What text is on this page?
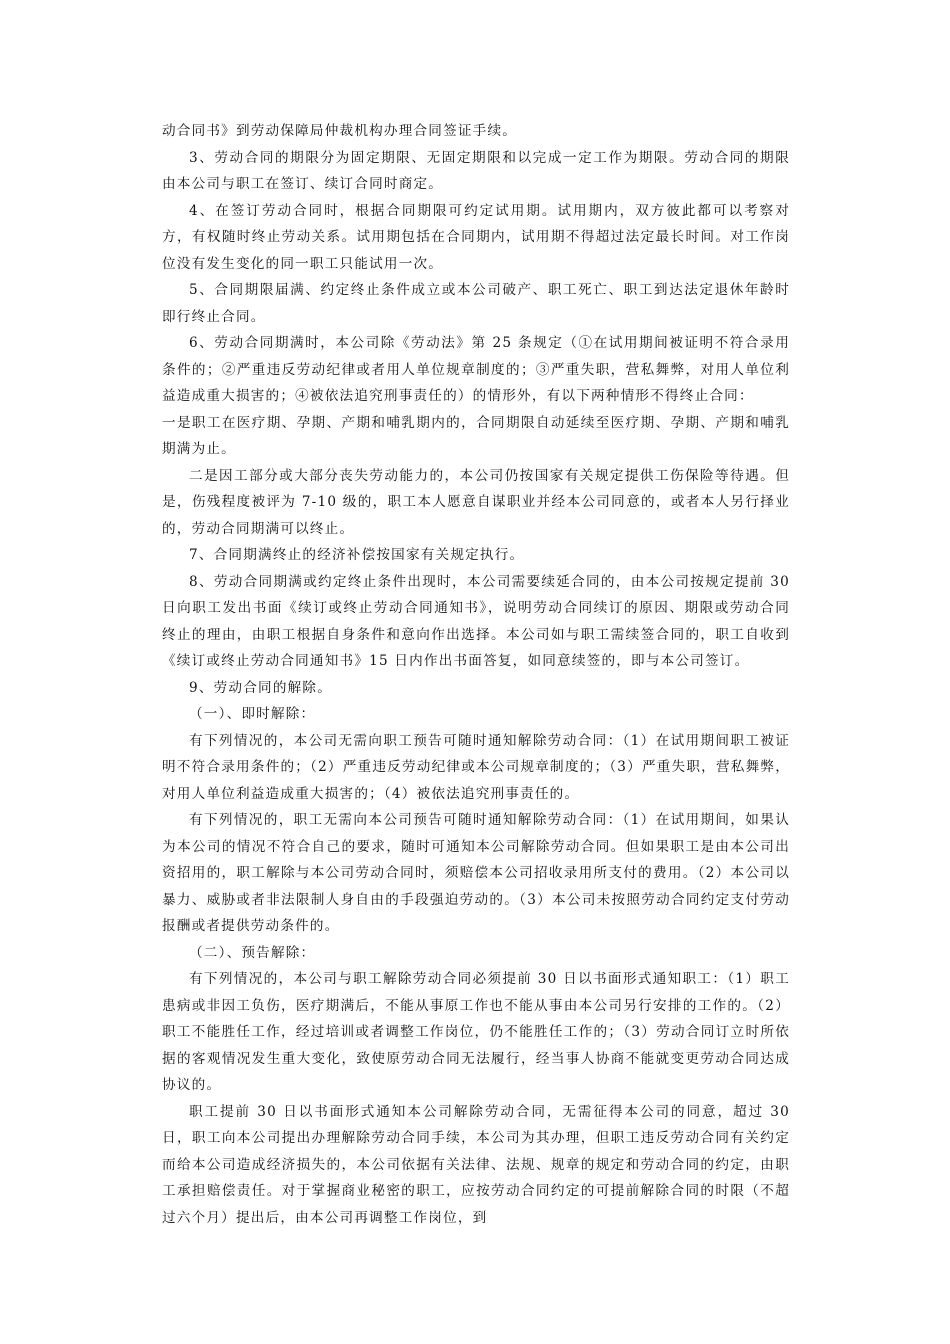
动合同书》到劳动保障局仲裁机构办理合同签证手续。

3、劳动合同的期限分为固定期限、无固定期限和以完成一定工作为期限。劳动合同的期限由本公司与职工在签订、续订合同时商定。

4、在签订劳动合同时，根据合同期限可约定试用期。试用期内，双方彼此都可以考察对方，有权随时终止劳动关系。试用期包括在合同期内，试用期不得超过法定最长时间。对工作岗位没有发生变化的同一职工只能试用一次。

5、合同期限届满、约定终止条件成立或本公司破产、职工死亡、职工到达法定退休年龄时即行终止合同。

6、劳动合同期满时，本公司除《劳动法》第 25 条规定（①在试用期间被证明不符合录用条件的；②严重违反劳动纪律或者用人单位规章制度的；③严重失职，营私舞弊，对用人单位利益造成重大损害的；④被依法追究刑事责任的）的情形外，有以下两种情形不得终止合同：

一是职工在医疗期、孕期、产期和哺乳期内的，合同期限自动延续至医疗期、孕期、产期和哺乳期满为止。

二是因工部分或大部分丧失劳动能力的，本公司仍按国家有关规定提供工伤保险等待遇。但是，伤残程度被评为 7-10 级的，职工本人愿意自谋职业并经本公司同意的，或者本人另行择业的，劳动合同期满可以终止。

7、合同期满终止的经济补偿按国家有关规定执行。

8、劳动合同期满或约定终止条件出现时，本公司需要续延合同的，由本公司按规定提前 30 日向职工发出书面《续订或终止劳动合同通知书》，说明劳动合同续订的原因、期限或劳动合同终止的理由，由职工根据自身条件和意向作出选择。本公司如与职工需续签合同的，职工自收到《续订或终止劳动合同通知书》15 日内作出书面答复，如同意续签的，即与本公司签订。

9、劳动合同的解除。

（一）、即时解除：

有下列情况的，本公司无需向职工预告可随时通知解除劳动合同：（1）在试用期间职工被证明不符合录用条件的；（2）严重违反劳动纪律或本公司规章制度的；（3）严重失职，营私舞弊，对用人单位利益造成重大损害的；（4）被依法追究刑事责任的。

有下列情况的，职工无需向本公司预告可随时通知解除劳动合同：（1）在试用期间，如果认为本公司的情况不符合自己的要求，随时可通知本公司解除劳动合同。但如果职工是由本公司出资招用的，职工解除与本公司劳动合同时，须赔偿本公司招收录用所支付的费用。（2）本公司以暴力、威胁或者非法限制人身自由的手段强迫劳动的。（3）本公司未按照劳动合同约定支付劳动报酬或者提供劳动条件的。

（二）、预告解除：

有下列情况的，本公司与职工解除劳动合同必须提前 30 日以书面形式通知职工：（1）职工患病或非因工负伤，医疗期满后，不能从事原工作也不能从事由本公司另行安排的工作的。（2）职工不能胜任工作，经过培训或者调整工作岗位，仍不能胜任工作的；（3）劳动合同订立时所依据的客观情况发生重大变化，致使原劳动合同无法履行，经当事人协商不能就变更劳动合同达成协议的。

职工提前 30 日以书面形式通知本公司解除劳动合同，无需征得本公司的同意，超过 30 日，职工向本公司提出办理解除劳动合同手续，本公司为其办理，但职工违反劳动合同有关约定而给本公司造成经济损失的，本公司依据有关法律、法规、规章的规定和劳动合同的约定，由职工承担赔偿责任。对于掌握商业秘密的职工，应按劳动合同约定的可提前解除合同的时限（不超过六个月）提出后，由本公司再调整工作岗位，到
